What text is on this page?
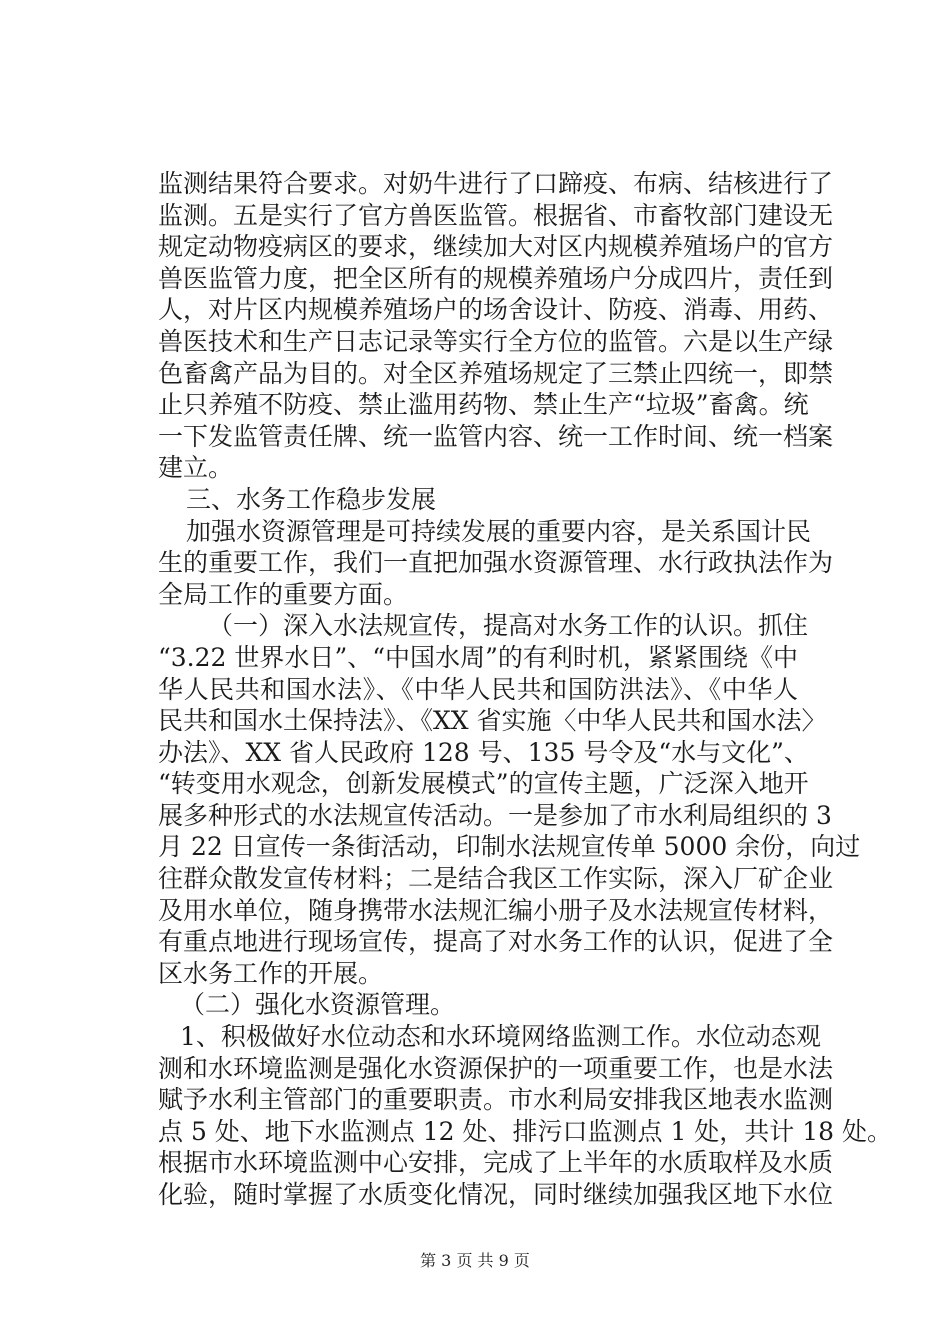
监测结果符合要求。对奶牛进行了口蹄疫、布病、结核进行了
监测。五是实行了官方兽医监管。根据省、市畜牧部门建设无
规定动物疫病区的要求，继续加大对区内规模养殖场户的官方
兽医监管力度，把全区所有的规模养殖场户分成四片，责任到
人，对片区内规模养殖场户的场舍设计、防疫、消毒、用药、
兽医技术和生产日志记录等实行全方位的监管。六是以生产绿
色畜禽产品为目的。对全区养殖场规定了三禁止四统一，即禁
止只养殖不防疫、禁止滥用药物、禁止生产“垃圾”畜禽。统
一下发监管责任牌、统一监管内容、统一工作时间、统一档案
建立。
三、水务工作稳步发展
加强水资源管理是可持续发展的重要内容，是关系国计民
生的重要工作，我们一直把加强水资源管理、水行政执法作为
全局工作的重要方面。
（一）深入水法规宣传，提高对水务工作的认识。抓住
“3.22 世界水日”、“中国水周”的有利时机，紧紧围绕《中
华人民共和国水法》、《中华人民共和国防洪法》、《中华人
民共和国水土保持法》、《XX 省实施〈中华人民共和国水法〉
办法》、XX 省人民政府 128 号、135 号令及“水与文化”、
“转变用水观念，创新发展模式”的宣传主题，广泛深入地开
展多种形式的水法规宣传活动。一是参加了市水利局组织的 3
月 22 日宣传一条街活动，印制水法规宣传单 5000 余份，向过
往群众散发宣传材料；二是结合我区工作实际，深入厂矿企业
及用水单位，随身携带水法规汇编小册子及水法规宣传材料，
有重点地进行现场宣传，提高了对水务工作的认识，促进了全
区水务工作的开展。
（二）强化水资源管理。
1、积极做好水位动态和水环境网络监测工作。水位动态观
测和水环境监测是强化水资源保护的一项重要工作，也是水法
赋予水利主管部门的重要职责。市水利局安排我区地表水监测
点 5 处、地下水监测点 12 处、排污口监测点 1 处，共计 18 处。
根据市水环境监测中心安排，完成了上半年的水质取样及水质
化验，随时掌握了水质变化情况，同时继续加强我区地下水位
第 3 页 共 9 页
